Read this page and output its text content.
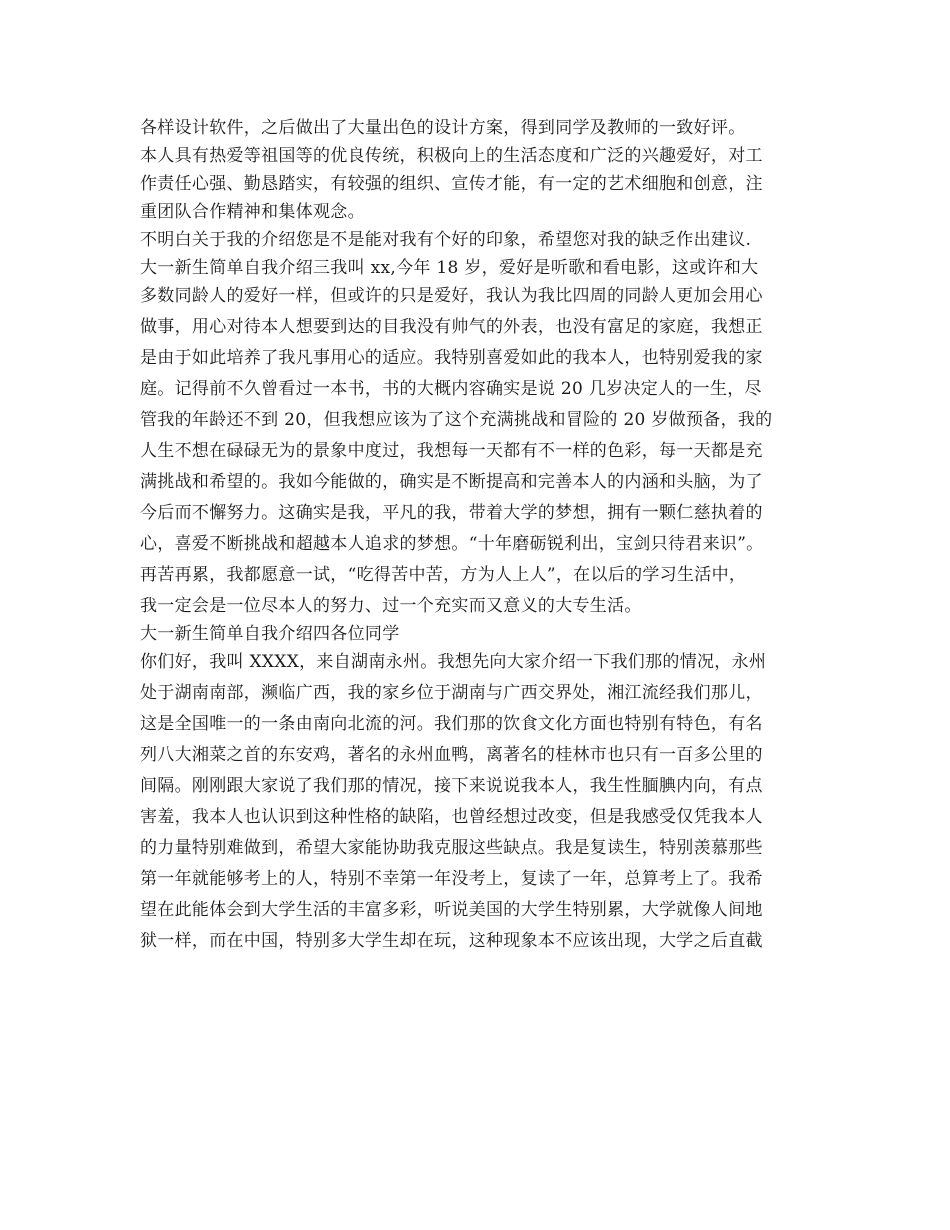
各样设计软件，之后做出了大量出色的设计方案，得到同学及教师的一致好评。
本人具有热爱等祖国等的优良传统，积极向上的生活态度和广泛的兴趣爱好，对工
作责任心强、勤恳踏实，有较强的组织、宣传才能，有一定的艺术细胞和创意，注
重团队合作精神和集体观念。
不明白关于我的介绍您是不是能对我有个好的印象，希望您对我的缺乏作出建议.
大一新生简单自我介绍三我叫 xx,今年 18 岁，爱好是听歌和看电影，这或许和大
多数同龄人的爱好一样，但或许的只是爱好，我认为我比四周的同龄人更加会用心
做事，用心对待本人想要到达的目我没有帅气的外表，也没有富足的家庭，我想正
是由于如此培养了我凡事用心的适应。我特别喜爱如此的我本人，也特别爱我的家
庭。记得前不久曾看过一本书，书的大概内容确实是说 20 几岁决定人的一生，尽
管我的年龄还不到 20，但我想应该为了这个充满挑战和冒险的 20 岁做预备，我的
人生不想在碌碌无为的景象中度过，我想每一天都有不一样的色彩，每一天都是充
满挑战和希望的。我如今能做的，确实是不断提高和完善本人的内涵和头脑，为了
今后而不懈努力。这确实是我，平凡的我，带着大学的梦想，拥有一颗仁慈执着的
心，喜爱不断挑战和超越本人追求的梦想。“十年磨砺锐利出，宝剑只待君来识”。
再苦再累，我都愿意一试，“吃得苦中苦，方为人上人”，在以后的学习生活中，
我一定会是一位尽本人的努力、过一个充实而又意义的大专生活。
大一新生简单自我介绍四各位同学
你们好，我叫 XXXX，来自湖南永州。我想先向大家介绍一下我们那的情况，永州
处于湖南南部，濒临广西，我的家乡位于湖南与广西交界处，湘江流经我们那儿，
这是全国唯一的一条由南向北流的河。我们那的饮食文化方面也特别有特色，有名
列八大湘菜之首的东安鸡，著名的永州血鸭，离著名的桂林市也只有一百多公里的
间隔。刚刚跟大家说了我们那的情况，接下来说说我本人，我生性腼腆内向，有点
害羞，我本人也认识到这种性格的缺陷，也曾经想过改变，但是我感受仅凭我本人
的力量特别难做到，希望大家能协助我克服这些缺点。我是复读生，特别羡慕那些
第一年就能够考上的人，特别不幸第一年没考上，复读了一年，总算考上了。我希
望在此能体会到大学生活的丰富多彩，听说美国的大学生特别累，大学就像人间地
狱一样，而在中国，特别多大学生却在玩，这种现象本不应该出现，大学之后直截
